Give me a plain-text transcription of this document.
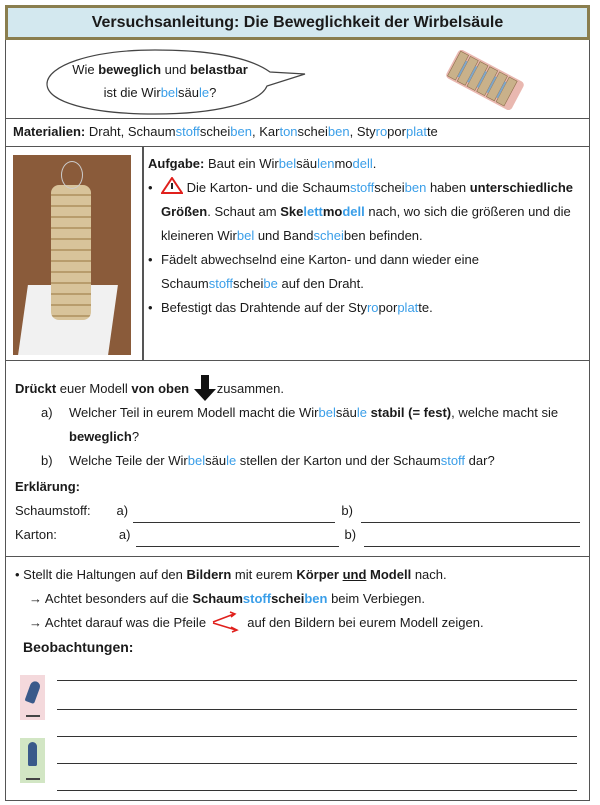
Versuchsanleitung: Die Beweglichkeit der Wirbelsäule
Wie beweglich und belastbar
ist die Wirbelsäule?
Materialien: Draht, Schaumstoffscheiben, Kartonscheiben, Styroporplatte
Aufgabe: Baut ein Wirbelsäulenmodell.
• Die Karton- und die Schaumstoffscheiben haben unterschiedliche Größen. Schaut am Skelettmodell nach, wo sich die größeren und die kleineren Wirbel und Bandscheiben befinden.
• Fädelt abwechselnd eine Karton- und dann wieder eine Schaumstoffscheibe auf den Draht.
• Befestigt das Drahtende auf der Styroporplatte.
Drückt euer Modell von oben zusammen.
a) Welcher Teil in eurem Modell macht die Wirbelsäule stabil (= fest), welche macht sie beweglich?
b) Welche Teile der Wirbelsäule stellen der Karton und der Schaumstoff dar?
Erklärung:
Schaumstoff:	a)	b)
Karton:	a)	b)
• Stellt die Haltungen auf den Bildern mit eurem Körper und Modell nach.
→ Achtet besonders auf die Schaumstoffscheiben beim Verbiegen.
→ Achtet darauf was die Pfeile	auf den Bildern bei eurem Modell zeigen.
Beobachtungen:
